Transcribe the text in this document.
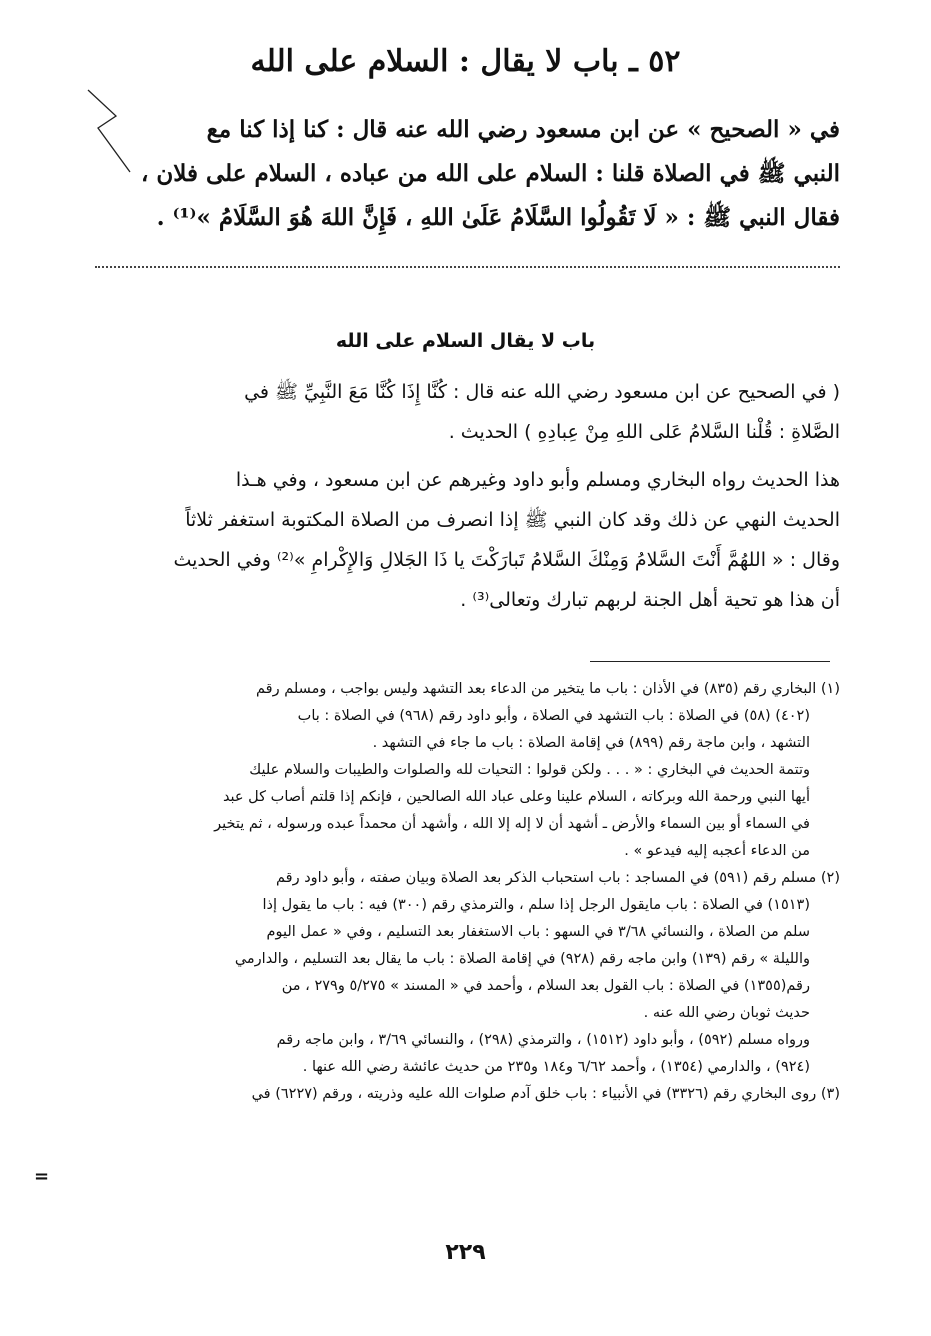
٥٢ ـ باب لا يقال : السلام على الله

في « الصحيح » عن ابن مسعود رضي الله عنه قال : كنا إذا كنا مع

النبي ﷺ في الصلاة قلنا : السلام على الله من عباده ، السلام على فلان ،

فقال النبي ﷺ : « لَا تَقُولُوا السَّلَامُ عَلَىٰ اللهِ ، فَإِنَّ اللهَ هُوَ السَّلَامُ »⁽¹⁾ .

باب لا يقال السلام على الله

( في الصحيح عن ابن مسعود رضي الله عنه قال : كُنَّا إِذَا كُنَّا مَعَ النَّبِيِّ ﷺ في

الصَّلاةِ : قُلْنا السَّلامُ عَلى اللهِ مِنْ عِبادِهِ ) الحديث .

هذا الحديث رواه البخاري ومسلم وأبو داود وغيرهم عن ابن مسعود ، وفي هـذا

الحديث النهي عن ذلك وقد كان النبي ﷺ إذا انصرف من الصلاة المكتوبة استغفر ثلاثاً

وقال : « اللهُمَّ أَنْتَ السَّلامُ وَمِنْكَ السَّلامُ تَبارَكْتَ يا ذَا الجَلالِ وَالإِكْرامِ »⁽²⁾ وفي الحديث

أن هذا هو تحية أهل الجنة لربهم تبارك وتعالى⁽³⁾ .

(١) البخاري رقم (٨٣٥) في الأذان : باب ما يتخير من الدعاء بعد التشهد وليس بواجب ، ومسلم رقم

(٤٠٢) (٥٨) في الصلاة : باب التشهد في الصلاة ، وأبو داود رقم (٩٦٨) في الصلاة : باب

التشهد ، وابن ماجة رقم (٨٩٩) في إقامة الصلاة : باب ما جاء في التشهد .

وتتمة الحديث في البخاري : « . . . ولكن قولوا : التحيات لله والصلوات والطيبات والسلام عليك

أيها النبي ورحمة الله وبركاته ، السلام علينا وعلى عباد الله الصالحين ، فإنكم إذا قلتم أصاب كل عبد

في السماء أو بين السماء والأرض ـ أشهد أن لا إله إلا الله ، وأشهد أن محمداً عبده ورسوله ، ثم يتخير

من الدعاء أعجبه إليه فيدعو » .

(٢) مسلم رقم (٥٩١) في المساجد : باب استحباب الذكر بعد الصلاة وبيان صفته ، وأبو داود رقم

(١٥١٣) في الصلاة : باب مايقول الرجل إذا سلم ، والترمذي رقم (٣٠٠) فيه : باب ما يقول إذا

سلم من الصلاة ، والنسائي ٣/٦٨ في السهو : باب الاستغفار بعد التسليم ، وفي « عمل اليوم

والليلة » رقم (١٣٩) وابن ماجه رقم (٩٢٨) في إقامة الصلاة : باب ما يقال بعد التسليم ، والدارمي

رقم(١٣٥٥) في الصلاة : باب القول بعد السلام ، وأحمد في « المسند » ٥/٢٧٥ و٢٧٩ ، من

حديث ثوبان رضي الله عنه .

ورواه مسلم (٥٩٢) ، وأبو داود (١٥١٢) ، والترمذي (٢٩٨) ، والنسائي ٣/٦٩ ، وابن ماجه رقم

(٩٢٤) ، والدارمي (١٣٥٤) ، وأحمد ٦/٦٢ و١٨٤ و٢٣٥ من حديث عائشة رضي الله عنها .

(٣) روى البخاري رقم (٣٣٢٦) في الأنبياء : باب خلق آدم صلوات الله عليه وذريته ، ورقم (٦٢٢٧) في

=
٢٢٩
